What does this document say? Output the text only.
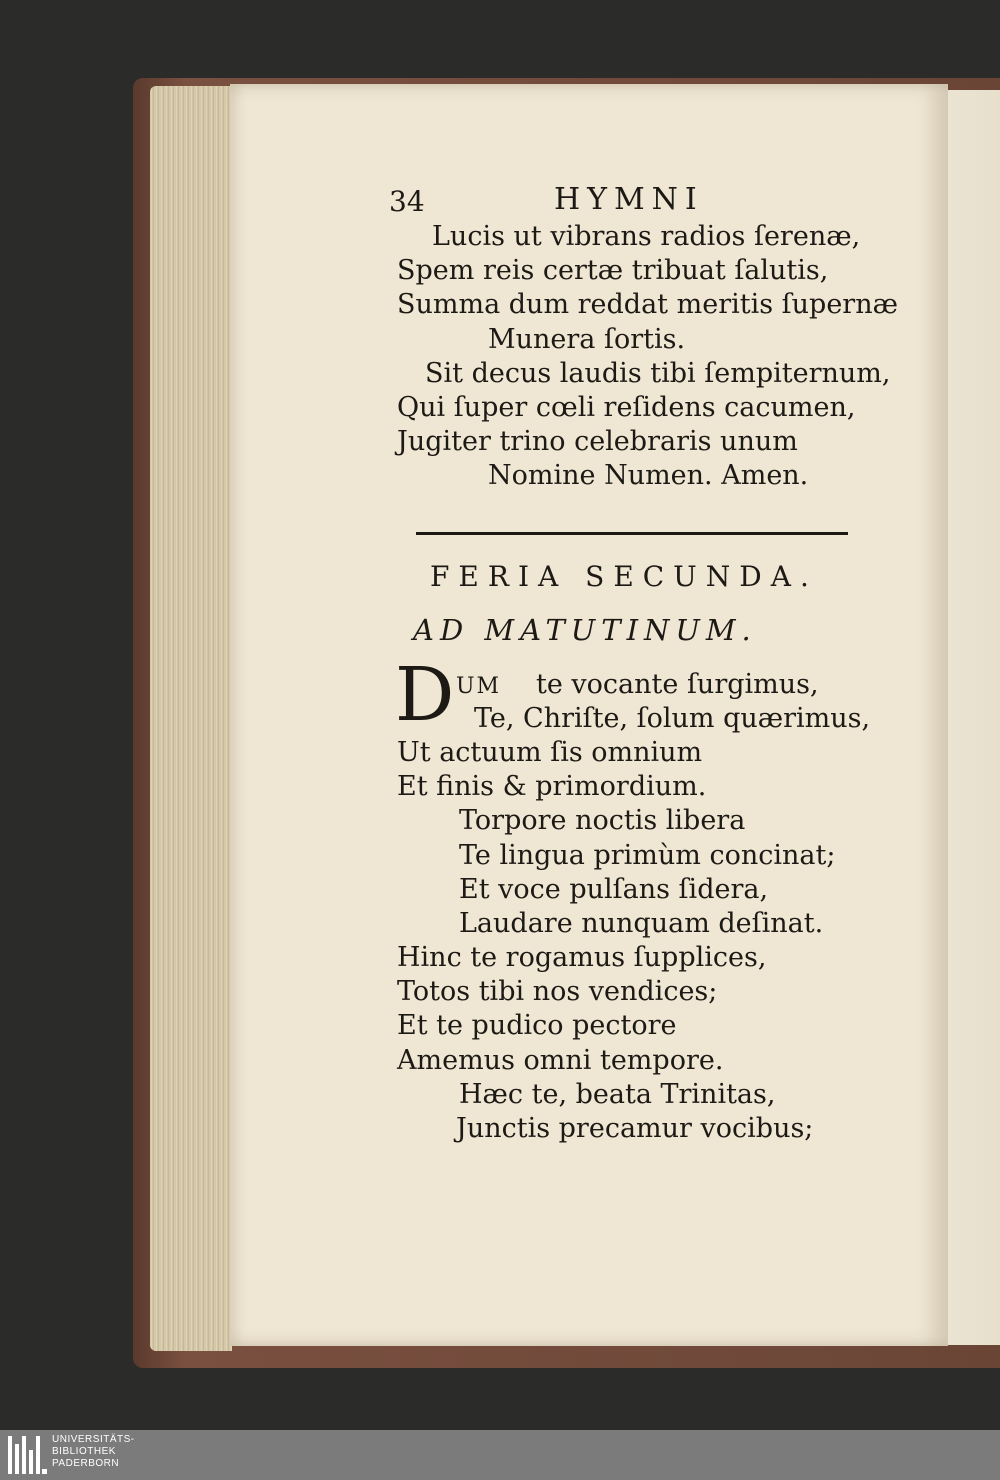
34	HYMNI
Lucis ut vibrans radios ſerenæ,
Spem reis certæ tribuat ſalutis,
Summa dum reddat meritis ſupernæ
Munera ſortis.
Sit decus laudis tibi ſempiternum,
Qui ſuper cœli reſidens cacumen,
Jugiter trino celebraris unum
Nomine Numen. Amen.
FERIA SECUNDA.
AD MATUTINUM.
D UM te vocante ſurgimus,
Te, Chriſte, ſolum quærimus,
Ut actuum ſis omnium
Et finis & primordium.
Torpore noctis libera
Te lingua primùm concinat;
Et voce pulſans ſidera,
Laudare nunquam deſinat.
Hinc te rogamus ſupplices,
Totos tibi nos vendices;
Et te pudico pectore
Amemus omni tempore.
Hæc te, beata Trinitas,
Junctis precamur vocibus;
UNIVERSITÄTS-
BIBLIOTHEK
PADERBORN
